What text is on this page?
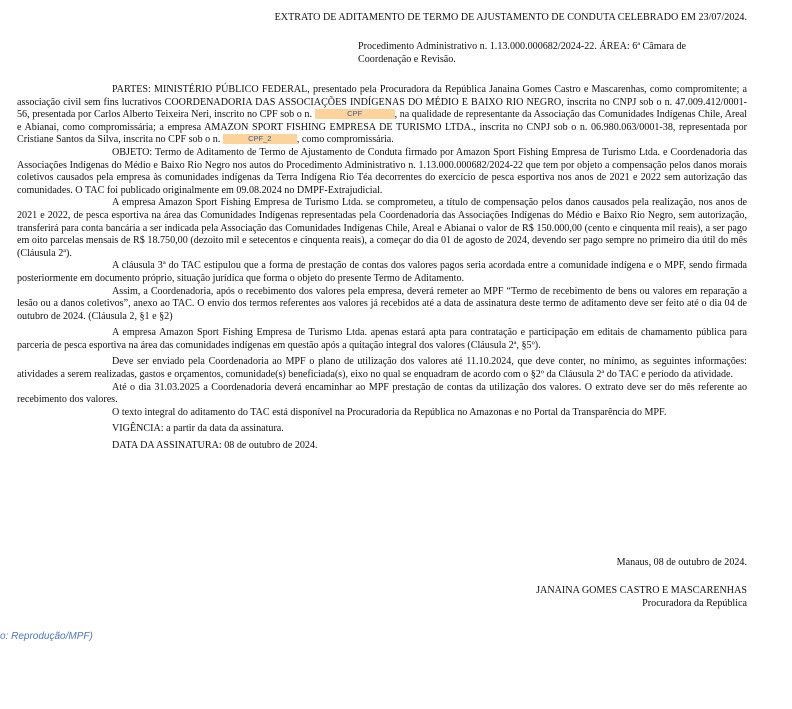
EXTRATO DE ADITAMENTO DE TERMO DE AJUSTAMENTO DE CONDUTA CELEBRADO EM 23/07/2024.
Procedimento Administrativo n. 1.13.000.000682/2024-22. ÁREA: 6ª Câmara de
Coordenação e Revisão.

PARTES: MINISTÉRIO PÚBLICO FEDERAL, presentado pela Procuradora da República Janaina Gomes Castro e Mascarenhas, como compromitente; a associação civil sem fins lucrativos COORDENADORIA DAS ASSOCIAÇÕES INDÍGENAS DO MÉDIO E BAIXO RIO NEGRO, inscrita no CNPJ sob o n. 47.009.412/0001-56, presentada por Carlos Alberto Teixeira Neri, inscrito no CPF sob o n.	CPF	, na qualidade de representante da Associação das Comunidades Indígenas Chile, Areal e Abianai, como compromissária; a empresa AMAZON SPORT FISHING EMPRESA DE TURISMO LTDA., inscrita no CNPJ sob o n. 06.980.063/0001-38, representada por Cristiane Santos da Silva, inscrita no CPF sob o n.	CPF_2	, como compromissária.

OBJETO: Termo de Aditamento de Termo de Ajustamento de Conduta firmado por Amazon Sport Fishing Empresa de Turismo Ltda. e Coordenadoria das Associações Indígenas do Médio e Baixo Rio Negro nos autos do Procedimento Administrativo n. 1.13.000.000682/2024-22 que tem por objeto a compensação pelos danos morais coletivos causados pela empresa às comunidades indígenas da Terra Indígena Rio Téa decorrentes do exercício de pesca esportiva nos anos de 2021 e 2022 sem autorização das comunidades. O TAC foi publicado originalmente em 09.08.2024 no DMPF-Extrajudicial.

A empresa Amazon Sport Fishing Empresa de Turismo Ltda. se comprometeu, a título de compensação pelos danos causados pela realização, nos anos de 2021 e 2022, de pesca esportiva na área das Comunidades Indígenas representadas pela Coordenadoria das Associações Indígenas do Médio e Baixo Rio Negro, sem autorização, transferirá para conta bancária a ser indicada pela Associação das Comunidades Indígenas Chile, Areal e Abianai o valor de R$ 150.000,00 (cento e cinquenta mil reais), a ser pago em oito parcelas mensais de R$ 18.750,00 (dezoito mil e setecentos e cinquenta reais), a começar do dia 01 de agosto de 2024, devendo ser pago sempre no primeiro dia útil do mês (Cláusula 2ª).

A cláusula 3ª do TAC estipulou que a forma de prestação de contas dos valores pagos seria acordada entre a comunidade indígena e o MPF, sendo firmada posteriormente em documento próprio, situação jurídica que forma o objeto do presente Termo de Aditamento.

Assim, a Coordenadoria, após o recebimento dos valores pela empresa, deverá remeter ao MPF “Termo de recebimento de bens ou valores em reparação a lesão ou a danos coletivos”, anexo ao TAC. O envio dos termos referentes aos valores já recebidos até a data de assinatura deste termo de aditamento deve ser feito até o dia 04 de outubro de 2024. (Cláusula 2, §1 e §2)

A empresa Amazon Sport Fishing Empresa de Turismo Ltda. apenas estará apta para contratação e participação em editais de chamamento pública para parceria de pesca esportiva na área das comunidades indígenas em questão após a quitação integral dos valores (Cláusula 2ª, §5º).

Deve ser enviado pela Coordenadoria ao MPF o plano de utilização dos valores até 11.10.2024, que deve conter, no mínimo, as seguintes informações: atividades a serem realizadas, gastos e orçamentos, comunidade(s) beneficiada(s), eixo no qual se enquadram de acordo com o §2º da Cláusula 2ª do TAC e período da atividade.

Até o dia 31.03.2025 a Coordenadoria deverá encaminhar ao MPF prestação de contas da utilização dos valores. O extrato deve ser do mês referente ao recebimento dos valores.

O texto integral do aditamento do TAC está disponível na Procuradoria da República no Amazonas e no Portal da Transparência do MPF.

VIGÊNCIA: a partir da data da assinatura.

DATA DA ASSINATURA: 08 de outubro de 2024.

Manaus, 08 de outubro de 2024.
JANAINA GOMES CASTRO E MASCARENHAS
Procuradora da República
o: Reprodução/MPF)
